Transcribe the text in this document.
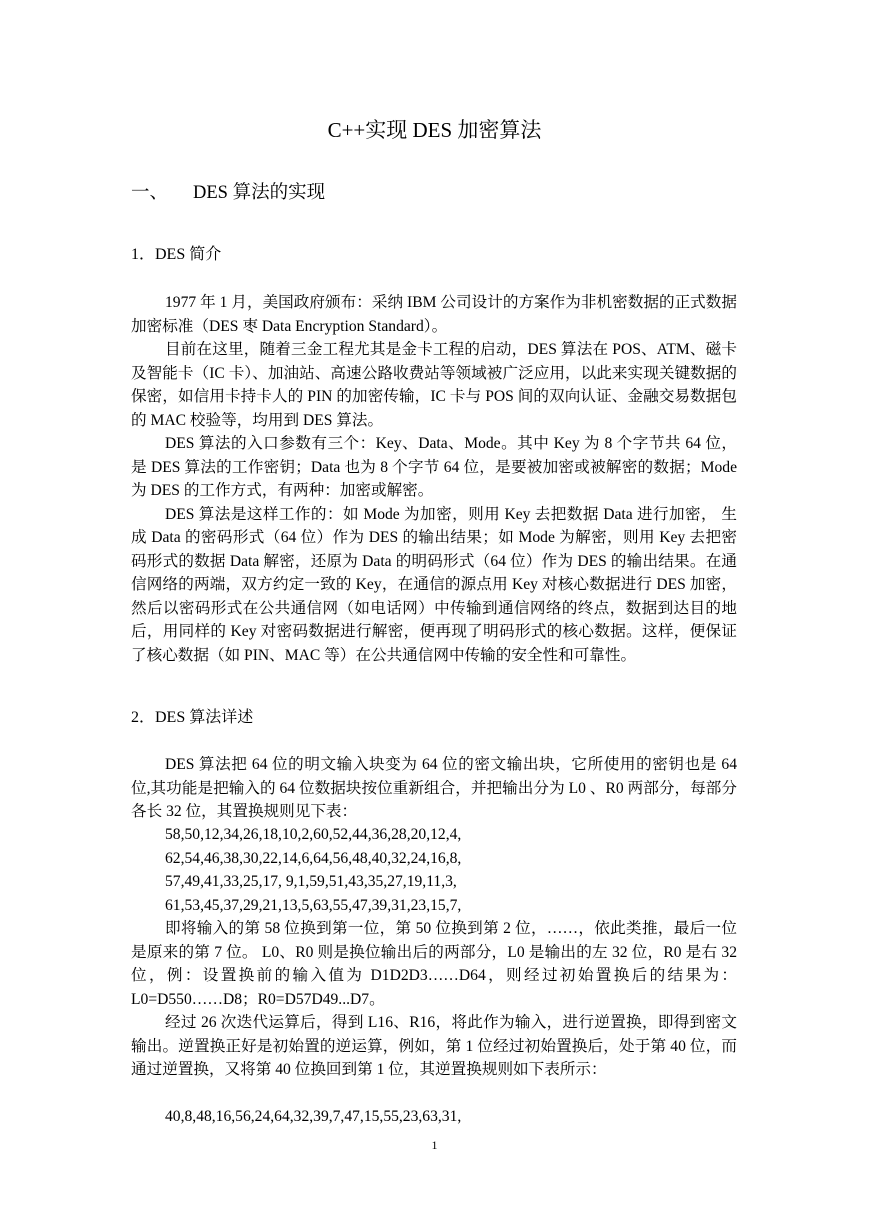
C++实现 DES 加密算法
一、 DES 算法的实现
1．DES 简介

1977 年 1 月，美国政府颁布：采纳 IBM 公司设计的方案作为非机密数据的正式数据加密标准（DES 枣 Data Encryption Standard）。

目前在这里，随着三金工程尤其是金卡工程的启动，DES 算法在 POS、ATM、磁卡及智能卡（IC 卡）、加油站、高速公路收费站等领域被广泛应用，以此来实现关键数据的保密，如信用卡持卡人的 PIN 的加密传输，IC 卡与 POS 间的双向认证、金融交易数据包的 MAC 校验等，均用到 DES 算法。

DES 算法的入口参数有三个：Key、Data、Mode。其中 Key 为 8 个字节共 64 位，是 DES 算法的工作密钥；Data 也为 8 个字节 64 位，是要被加密或被解密的数据；Mode 为 DES 的工作方式，有两种：加密或解密。

DES 算法是这样工作的：如 Mode 为加密，则用 Key 去把数据 Data 进行加密， 生成 Data 的密码形式（64 位）作为 DES 的输出结果；如 Mode 为解密，则用 Key 去把密码形式的数据 Data 解密，还原为 Data 的明码形式（64 位）作为 DES 的输出结果。在通信网络的两端，双方约定一致的 Key，在通信的源点用 Key 对核心数据进行 DES 加密，然后以密码形式在公共通信网（如电话网）中传输到通信网络的终点，数据到达目的地后，用同样的 Key 对密码数据进行解密，便再现了明码形式的核心数据。这样，便保证了核心数据（如 PIN、MAC 等）在公共通信网中传输的安全性和可靠性。

2．DES 算法详述

DES 算法把 64 位的明文输入块变为 64 位的密文输出块，它所使用的密钥也是 64 位,其功能是把输入的 64 位数据块按位重新组合，并把输出分为 L0 、R0 两部分，每部分各长 32 位，其置换规则见下表：

58,50,12,34,26,18,10,2,60,52,44,36,28,20,12,4,
62,54,46,38,30,22,14,6,64,56,48,40,32,24,16,8,
57,49,41,33,25,17, 9,1,59,51,43,35,27,19,11,3,
61,53,45,37,29,21,13,5,63,55,47,39,31,23,15,7,

即将输入的第 58 位换到第一位，第 50 位换到第 2 位，……，依此类推，最后一位是原来的第 7 位。 L0、R0 则是换位输出后的两部分，L0 是输出的左 32 位，R0 是右 32 位，例：设置换前的输入值为 D1D2D3……D64，则经过初始置换后的结果为：L0=D550……D8；R0=D57D49...D7。

经过 26 次迭代运算后，得到 L16、R16，将此作为输入，进行逆置换，即得到密文输出。逆置换正好是初始置的逆运算，例如，第 1 位经过初始置换后，处于第 40 位，而通过逆置换，又将第 40 位换回到第 1 位，其逆置换规则如下表所示：

40,8,48,16,56,24,64,32,39,7,47,15,55,23,63,31,
1
